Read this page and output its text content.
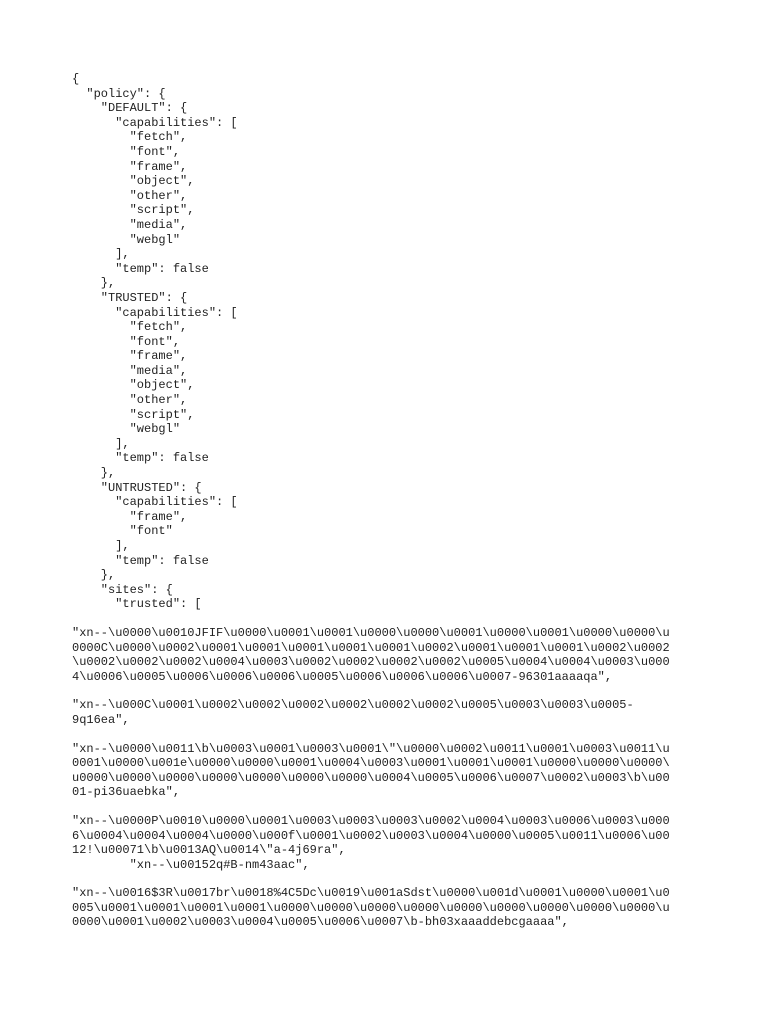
{
"policy": {
"DEFAULT": {
"capabilities": [
"fetch",
"font",
"frame",
"object",
"other",
"script",
"media",
"webgl"
],
"temp": false
},
"TRUSTED": {
"capabilities": [
"fetch",
"font",
"frame",
"media",
"object",
"other",
"script",
"webgl"
],
"temp": false
},
"UNTRUSTED": {
"capabilities": [
"frame",
"font"
],
"temp": false
},
"sites": {
"trusted": [
"xn--\u0000\u0010JFIF\u0000\u0001\u0001\u0000\u0000\u0001\u0000\u0001\u0000\u0000\u
0000C\u0000\u0002\u0001\u0001\u0001\u0001\u0001\u0002\u0001\u0001\u0001\u0002\u0002
\u0002\u0002\u0002\u0004\u0003\u0002\u0002\u0002\u0002\u0005\u0004\u0004\u0003\u000
4\u0006\u0005\u0006\u0006\u0006\u0005\u0006\u0006\u0006\u0007-96301aaaaqa",
"xn--\u000C\u0001\u0002\u0002\u0002\u0002\u0002\u0002\u0005\u0003\u0003\u0005-
9q16ea",
"xn--\u0000\u0011\b\u0003\u0001\u0003\u0001\"\u0000\u0002\u0011\u0001\u0003\u0011\u
0001\u0000\u001e\u0000\u0000\u0001\u0004\u0003\u0001\u0001\u0001\u0000\u0000\u0000\
u0000\u0000\u0000\u0000\u0000\u0000\u0000\u0004\u0005\u0006\u0007\u0002\u0003\b\u00
01-pi36uaebka",
"xn--\u0000P\u0010\u0000\u0001\u0003\u0003\u0003\u0002\u0004\u0003\u0006\u0003\u000
6\u0004\u0004\u0004\u0000\u000f\u0001\u0002\u0003\u0004\u0000\u0005\u0011\u0006\u00
12!\u00071\b\u0013AQ\u0014\"a-4j69ra",
"xn--\u00152q#B-nm43aac",
"xn--\u0016$3R\u0017br\u0018%4C5Dc\u0019\u001aSdst\u0000\u001d\u0001\u0000\u0001\u0
005\u0001\u0001\u0001\u0001\u0000\u0000\u0000\u0000\u0000\u0000\u0000\u0000\u0000\u
0000\u0001\u0002\u0003\u0004\u0005\u0006\u0007\b-bh03xaaaddebcgaaaa",
